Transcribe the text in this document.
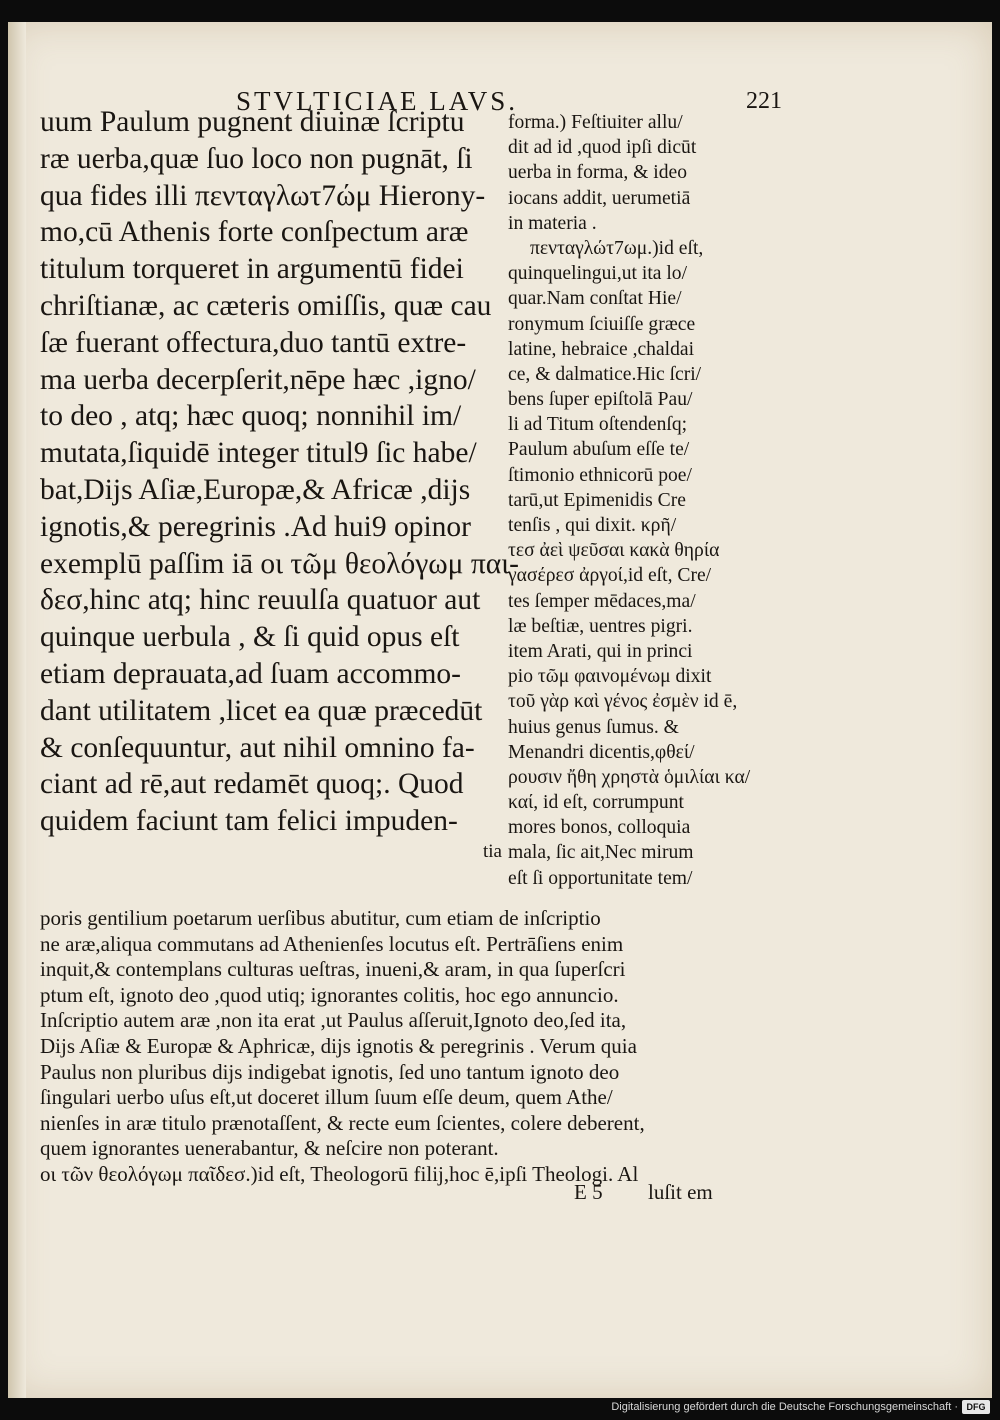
STVLTICIAE LAVS.	221
uum Paulum pugnent diuinæ ſcriptu
ræ uerba,quæ ſuo loco non pugnāt, ſi
qua fides illi πενταγλωτ7ώμ Hierony-
mo,cū Athenis forte conſpectum aræ
titulum torqueret in argumentū fidei
chriſtianæ, ac cæteris omiſſis, quæ cau
ſæ fuerant offectura,duo tantū extre-
ma uerba decerpſerit,nēpe hæc ,igno/
to deo , atq; hæc quoq; nonnihil im/
mutata,ſiquidē integer titul9 ſic habe/
bat,Dijs Aſiæ,Europæ,& Africæ ,dijs
ignotis,& peregrinis .Ad hui9 opinor
exemplū paſſim iā οι τῶμ θεολόγωμ παι-
δεσ,hinc atq; hinc reuulſa quatuor aut
quinque uerbula , & ſi quid opus eſt
etiam deprauata,ad ſuam accommo-
dant utilitatem ,licet ea quæ præcedūt
& conſequuntur, aut nihil omnino fa-
ciant ad rē,aut redamēt quoq;. Quod
quidem faciunt tam felici impuden-
tia
forma.) Feſtiuiter allu/
dit ad id ,quod ipſi dicūt
uerba in forma, & ideo
iocans addit, uerumetiā
in materia .
πενταγλώτ7ωμ.)id eſt,
quinquelingui,ut ita lo/
quar.Nam conſtat Hie/
ronymum ſciuiſſe græce
latine, hebraice ,chaldai
ce, & dalmatice.Hic ſcri/
bens ſuper epiſtolā Pau/
li ad Titum oſtendenſq;
Paulum abuſum eſſe te/
ſtimonio ethnicorū poe/
tarū,ut Epimenidis Cre
tenſis , qui dixit. κρῆ/
τεσ ἀεὶ ψεῦσαι κακὰ θηρία
γασέρεσ ἀργοί,id eſt, Cre/
tes ſemper mēdaces,ma/
læ beſtiæ, uentres pigri.
item Arati, qui in princi
pio τῶμ φαινομένωμ dixit
τοῦ γὰρ καὶ γένος ἐσμὲν id ē,
huius genus ſumus. &
Menandri dicentis,φθεί/
ρουσιν ἤθη χρηστὰ ὁμιλίαι κα/
καί, id eſt, corrumpunt
mores bonos, colloquia
mala, ſic ait,Nec mirum
eſt ſi opportunitate tem/
poris gentilium poetarum uerſibus abutitur, cum etiam de inſcriptio
ne aræ,aliqua commutans ad Athenienſes locutus eſt. Pertrāſiens enim
inquit,& contemplans culturas ueſtras, inueni,& aram, in qua ſuperſcri
ptum eſt, ignoto deo ,quod utiq; ignorantes colitis, hoc ego annuncio.
Inſcriptio autem aræ ,non ita erat ,ut Paulus aſſeruit,Ignoto deo,ſed ita,
Dijs Aſiæ & Europæ & Aphricæ, dijs ignotis & peregrinis . Verum quia
Paulus non pluribus dijs indigebat ignotis, ſed uno tantum ignoto deo
ſingulari uerbo uſus eſt,ut doceret illum ſuum eſſe deum, quem Athe/
nienſes in aræ titulo prænotaſſent, & recte eum ſcientes, colere deberent,
quem ignorantes uenerabantur, & neſcire non poterant.
οι τῶν θεολόγωμ παῖδεσ.)id eſt, Theologorū filij,hoc ē,ipſi Theologi. Al
E 5 luſit em
Digitalisierung gefördert durch die Deutsche Forschungsgemeinschaft · DFG
